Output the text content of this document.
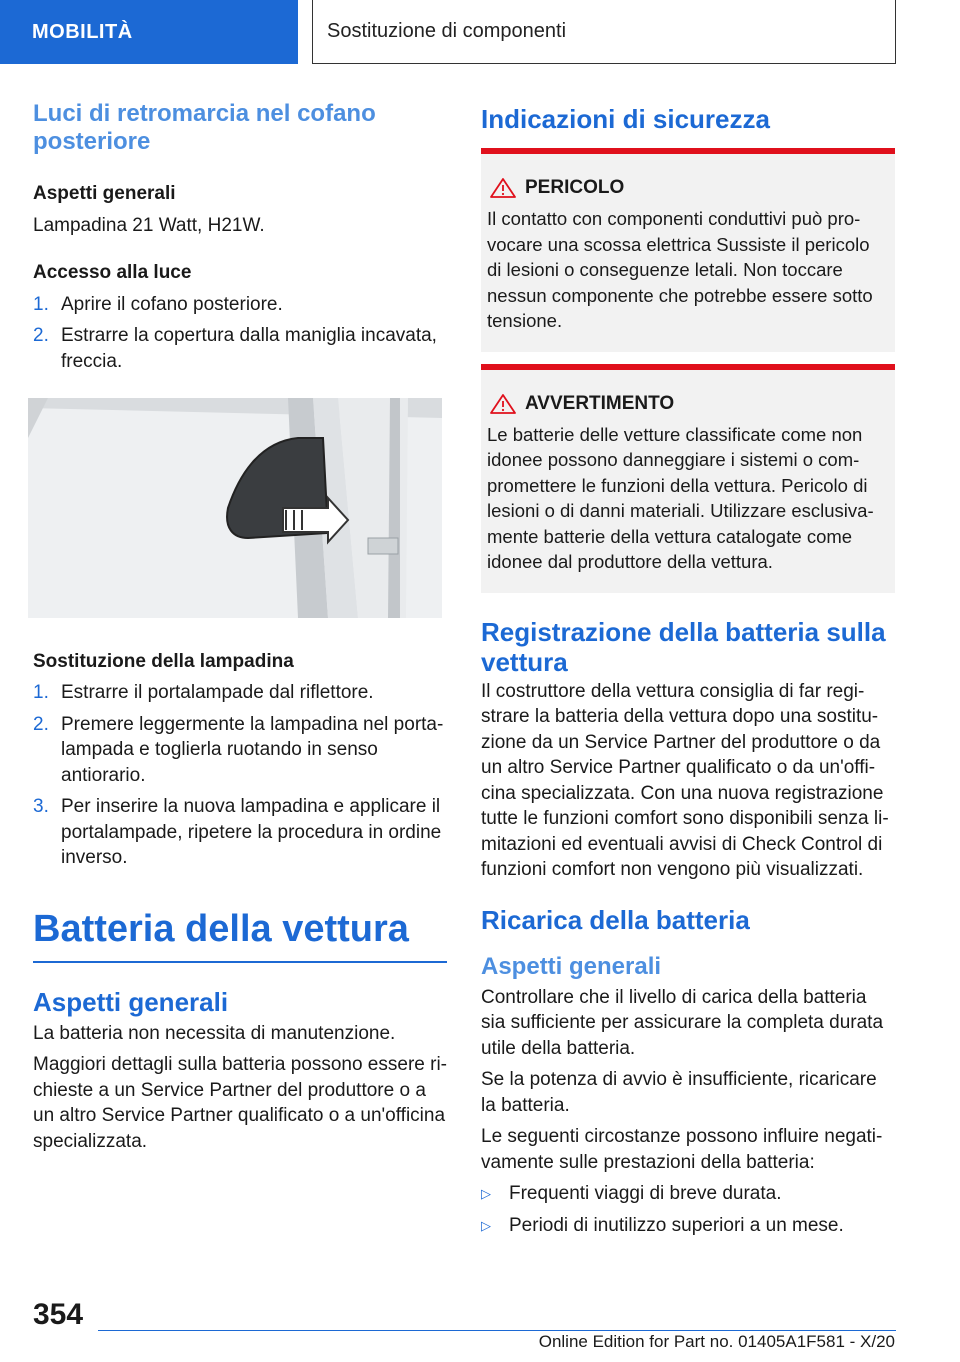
MOBILITÀ	Sostituzione di componenti
Luci di retromarcia nel cofano posteriore
Aspetti generali

Lampadina 21 Watt, H21W.

Accesso alla luce
1. Aprire il cofano posteriore.
2. Estrarre la copertura dalla maniglia incavata, freccia.
Sostituzione della lampadina
1. Estrarre il portalampade dal riflettore.
2. Premere leggermente la lampadina nel portalampada e toglierla ruotando in senso antiorario.
3. Per inserire la nuova lampadina e applicare il portalampade, ripetere la procedura in ordine inverso.
Batteria della vettura
Aspetti generali

La batteria non necessita di manutenzione.

Maggiori dettagli sulla batteria possono essere richieste a un Service Partner del produttore o a un altro Service Partner qualificato o a un'officina specializzata.

Indicazioni di sicurezza
PERICOLO

Il contatto con componenti conduttivi può provocare una scossa elettrica Sussiste il pericolo di lesioni o conseguenze letali. Non toccare nessun componente che potrebbe essere sotto tensione.

AVVERTIMENTO

Le batterie delle vetture classificate come non idonee possono danneggiare i sistemi o compromettere le funzioni della vettura. Pericolo di lesioni o di danni materiali. Utilizzare esclusivamente batterie della vettura catalogate come idonee dal produttore della vettura.

Registrazione della batteria sulla vettura

Il costruttore della vettura consiglia di far registrare la batteria della vettura dopo una sostituzione da un Service Partner del produttore o da un altro Service Partner qualificato o da un'officina specializzata. Con una nuova registrazione tutte le funzioni comfort sono disponibili senza limitazioni ed eventuali avvisi di Check Control di funzioni comfort non vengono più visualizzati.

Ricarica della batteria
Aspetti generali

Controllare che il livello di carica della batteria sia sufficiente per assicurare la completa durata utile della batteria.

Se la potenza di avvio è insufficiente, ricaricare la batteria.

Le seguenti circostanze possono influire negativamente sulle prestazioni della batteria:

▷ Frequenti viaggi di breve durata.
▷ Periodi di inutilizzo superiori a un mese.
354
Online Edition for Part no. 01405A1F581 - X/20
